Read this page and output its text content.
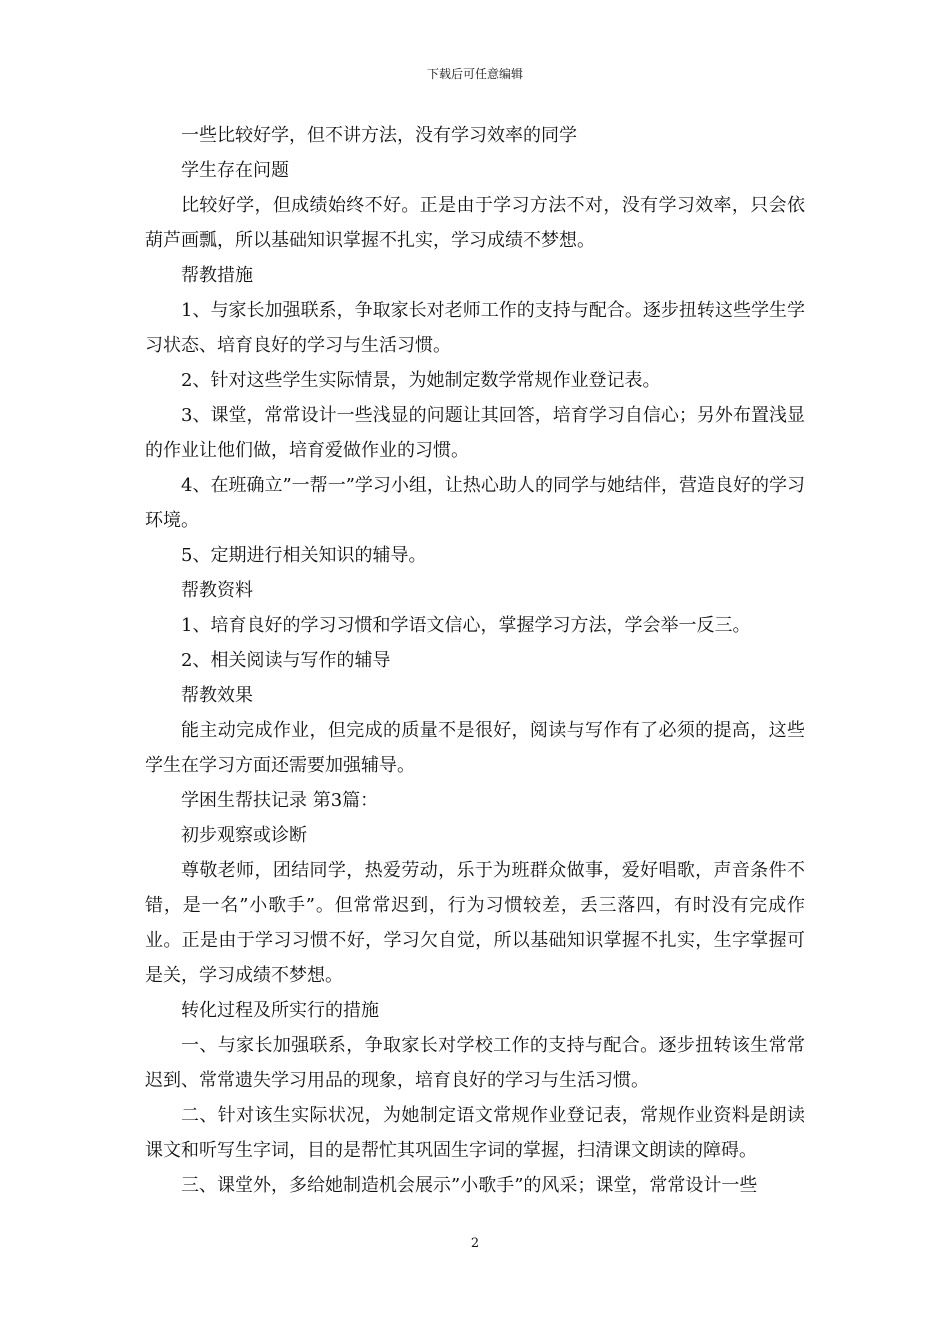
下载后可任意编辑

一些比较好学，但不讲方法，没有学习效率的同学

学生存在问题

比较好学，但成绩始终不好。正是由于学习方法不对，没有学习效率，只会依葫芦画瓢，所以基础知识掌握不扎实，学习成绩不梦想。

帮教措施

1、与家长加强联系，争取家长对老师工作的支持与配合。逐步扭转这些学生学习状态、培育良好的学习与生活习惯。

2、针对这些学生实际情景，为她制定数学常规作业登记表。

3、课堂，常常设计一些浅显的问题让其回答，培育学习自信心；另外布置浅显的作业让他们做，培育爱做作业的习惯。

4、在班确立”一帮一”学习小组，让热心助人的同学与她结伴，营造良好的学习环境。

5、定期进行相关知识的辅导。

帮教资料

1、培育良好的学习习惯和学语文信心，掌握学习方法，学会举一反三。

2、相关阅读与写作的辅导

帮教效果

能主动完成作业，但完成的质量不是很好，阅读与写作有了必须的提高，这些学生在学习方面还需要加强辅导。

学困生帮扶记录 第3篇：

初步观察或诊断

尊敬老师，团结同学，热爱劳动，乐于为班群众做事，爱好唱歌，声音条件不错，是一名”小歌手”。但常常迟到，行为习惯较差，丢三落四，有时没有完成作业。正是由于学习习惯不好，学习欠自觉，所以基础知识掌握不扎实，生字掌握可是关，学习成绩不梦想。

转化过程及所实行的措施

一、与家长加强联系，争取家长对学校工作的支持与配合。逐步扭转该生常常迟到、常常遗失学习用品的现象，培育良好的学习与生活习惯。

二、针对该生实际状况，为她制定语文常规作业登记表，常规作业资料是朗读课文和听写生字词，目的是帮忙其巩固生字词的掌握，扫清课文朗读的障碍。

三、课堂外，多给她制造机会展示”小歌手”的风采；课堂，常常设计一些

2
